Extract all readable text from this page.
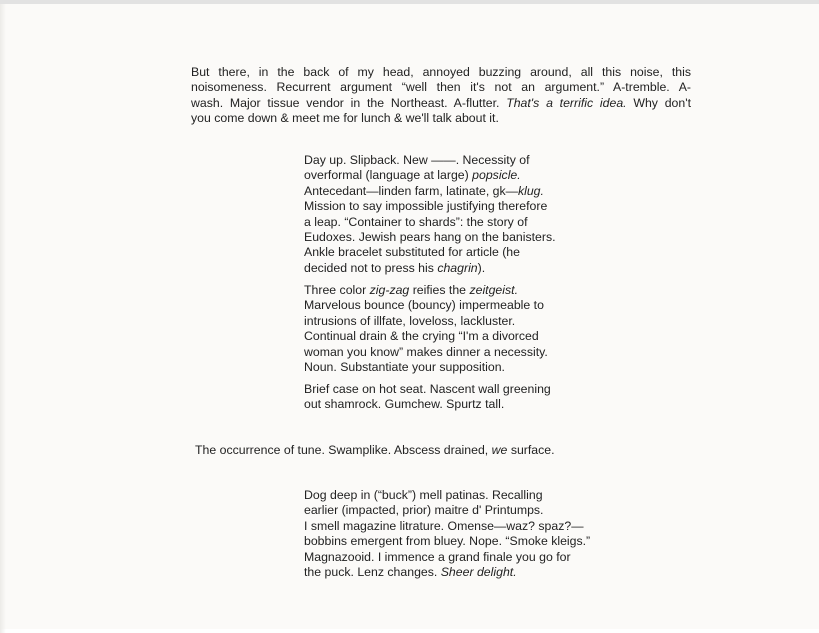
But there, in the back of my head, annoyed buzzing around, all this noise, this
noisomeness. Recurrent argument “well then it's not an argument.” A-tremble. A-
wash. Major tissue vendor in the Northeast. A-flutter. That's a terrific idea. Why don't
you come down & meet me for lunch & we'll talk about it.

Day up. Slipback. New ——. Necessity of
overformal (language at large) popsicle.
Antecedant—linden farm, latinate, gk—klug.
Mission to say impossible justifying therefore
a leap. “Container to shards”: the story of
Eudoxes. Jewish pears hang on the banisters.
Ankle bracelet substituted for article (he
decided not to press his chagrin).

Three color zig-zag reifies the zeitgeist.
Marvelous bounce (bouncy) impermeable to
intrusions of illfate, loveloss, lackluster.
Continual drain & the crying “I'm a divorced
woman you know” makes dinner a necessity.
Noun. Substantiate your supposition.

Brief case on hot seat. Nascent wall greening
out shamrock. Gumchew. Spurtz tall.

The occurrence of tune. Swamplike. Abscess drained, we surface.

Dog deep in (“buck”) mell patinas. Recalling
earlier (impacted, prior) maitre d' Printumps.
I smell magazine litrature. Omense—waz? spaz?—
bobbins emergent from bluey. Nope. “Smoke kleigs.”
Magnazooid. I immence a grand finale you go for
the puck. Lenz changes. Sheer delight.
